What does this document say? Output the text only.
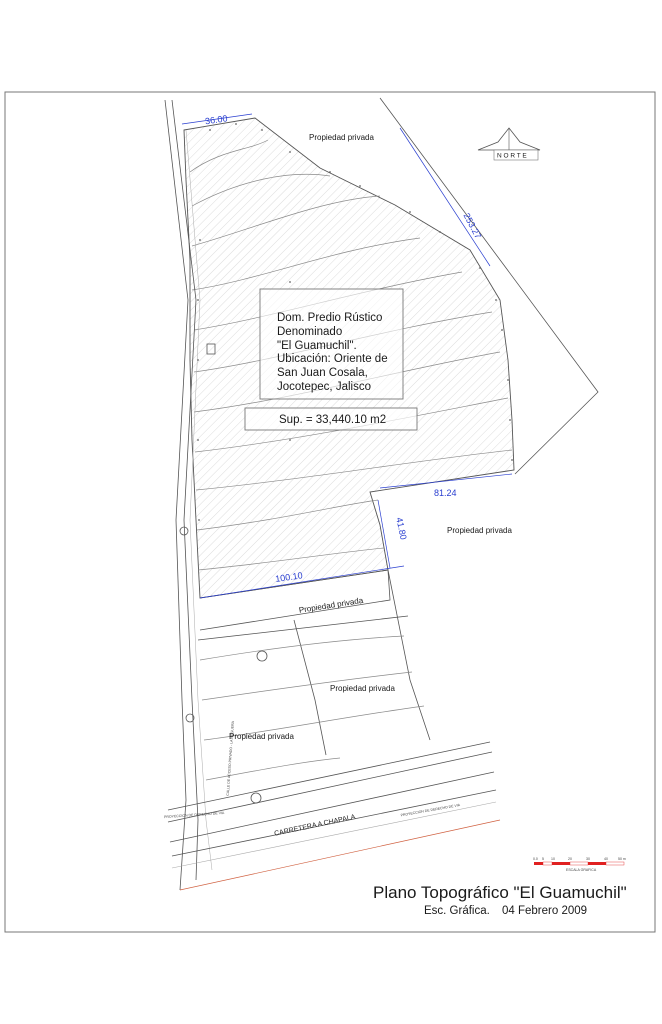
Dom. Predio Rústico Denominado "El Guamuchil". Ubicación: Oriente de San Juan Cosala, Jocotepec, Jalisco
Sup. = 33,440.10 m2
36.00
253.27
81.24
41.80
100.10
Propiedad privada
Propiedad privada
Propiedad privada
Propiedad privada
Propiedad privada
CARRETERA A CHAPALA
CALLE DE ACCESO PRIVADO - LA NOGUERA
PROYECCION DE DERECHO DE VIA	PROYECCION DE DERECHO DE VIA
N O R T E
0.0 5 10	20	30	40	50 m
ESCALA GRAFICA
Plano Topográfico "El Guamuchil"
Esc. Gráfica. 04 Febrero 2009
